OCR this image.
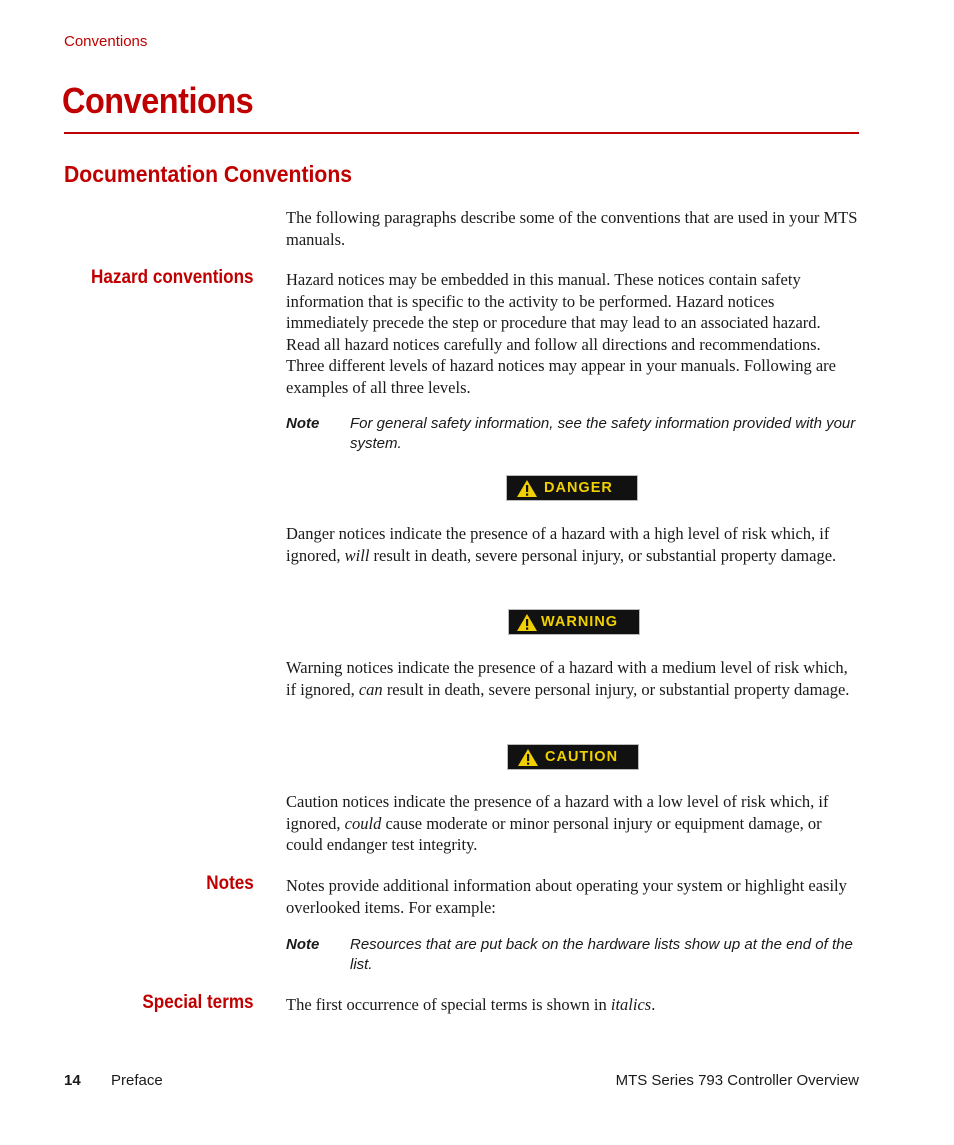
Conventions
Conventions
Documentation Conventions

The following paragraphs describe some of the conventions that are used in your MTS manuals.

Hazard conventions Hazard notices may be embedded in this manual. These notices contain safety information that is specific to the activity to be performed. Hazard notices immediately precede the step or procedure that may lead to an associated hazard. Read all hazard notices carefully and follow all directions and recommendations. Three different levels of hazard notices may appear in your manuals. Following are examples of all three levels.

Note For general safety information, see the safety information provided with your system.
DANGER

Danger notices indicate the presence of a hazard with a high level of risk which, if ignored, will result in death, severe personal injury, or substantial property damage.

WARNING

Warning notices indicate the presence of a hazard with a medium level of risk which, if ignored, can result in death, severe personal injury, or substantial property damage.

CAUTION

Caution notices indicate the presence of a hazard with a low level of risk which, if ignored, could cause moderate or minor personal injury or equipment damage, or could endanger test integrity.

Notes Notes provide additional information about operating your system or highlight easily overlooked items. For example:

Note Resources that are put back on the hardware lists show up at the end of the list.
Special terms The first occurrence of special terms is shown in italics.

14 Preface	MTS Series 793 Controller Overview
